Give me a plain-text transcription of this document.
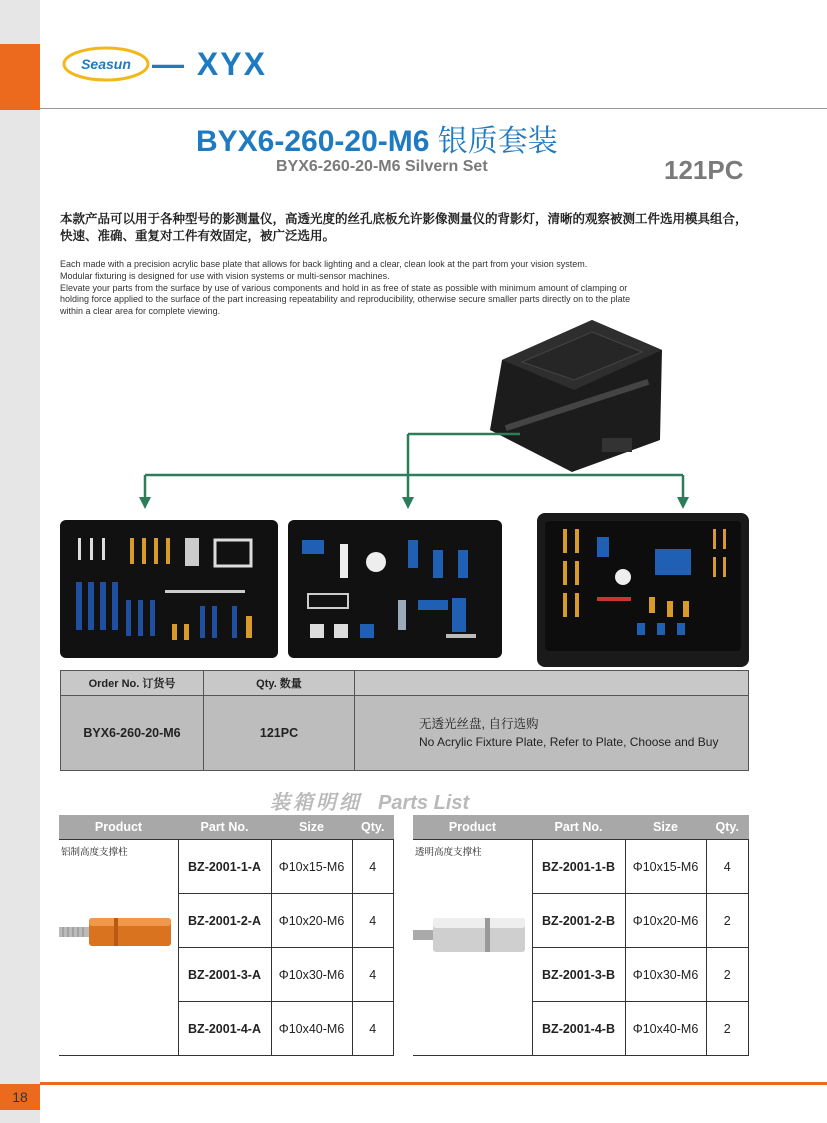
Seasun — XYX
BYX6-260-20-M6 银质套装
BYX6-260-20-M6 Silvern Set	121PC
本款产品可以用于各种型号的影测量仪，高透光度的丝孔底板允许影像测量仪的背影灯，清晰的观察被测工件选用模具组合，快速、准确、重复对工件有效固定，被广泛选用。
Each made with a precision acrylic base plate that allows for back lighting and a clear, clean look at the part from your vision system.
Modular fixturing is designed for use with vision systems or multi-sensor machines.
Elevate your parts from the surface by use of various components and hold in as free of state as possible with minimum amount of clamping or
holding force applied to the surface of the part increasing repeatability and reproducibility, otherwise secure smaller parts directly on to the plate
within a clear area for complete viewing.
Order No. 订货号	Qty. 数量	
BYX6-260-20-M6	121PC	无透光丝盘, 自行选购
No Acrylic Fixture Plate, Refer to Plate, Choose and Buy
装箱明细 Parts List
Product	Part No.	Size	Qty.
铝制高度支撑柱	BZ-2001-1-A	Φ10x15-M6	4
	BZ-2001-2-A	Φ10x20-M6	4
	BZ-2001-3-A	Φ10x30-M6	4
	BZ-2001-4-A	Φ10x40-M6	4
Product	Part No.	Size	Qty.
透明高度支撑柱	BZ-2001-1-B	Φ10x15-M6	4
	BZ-2001-2-B	Φ10x20-M6	2
	BZ-2001-3-B	Φ10x30-M6	2
	BZ-2001-4-B	Φ10x40-M6	2
18
